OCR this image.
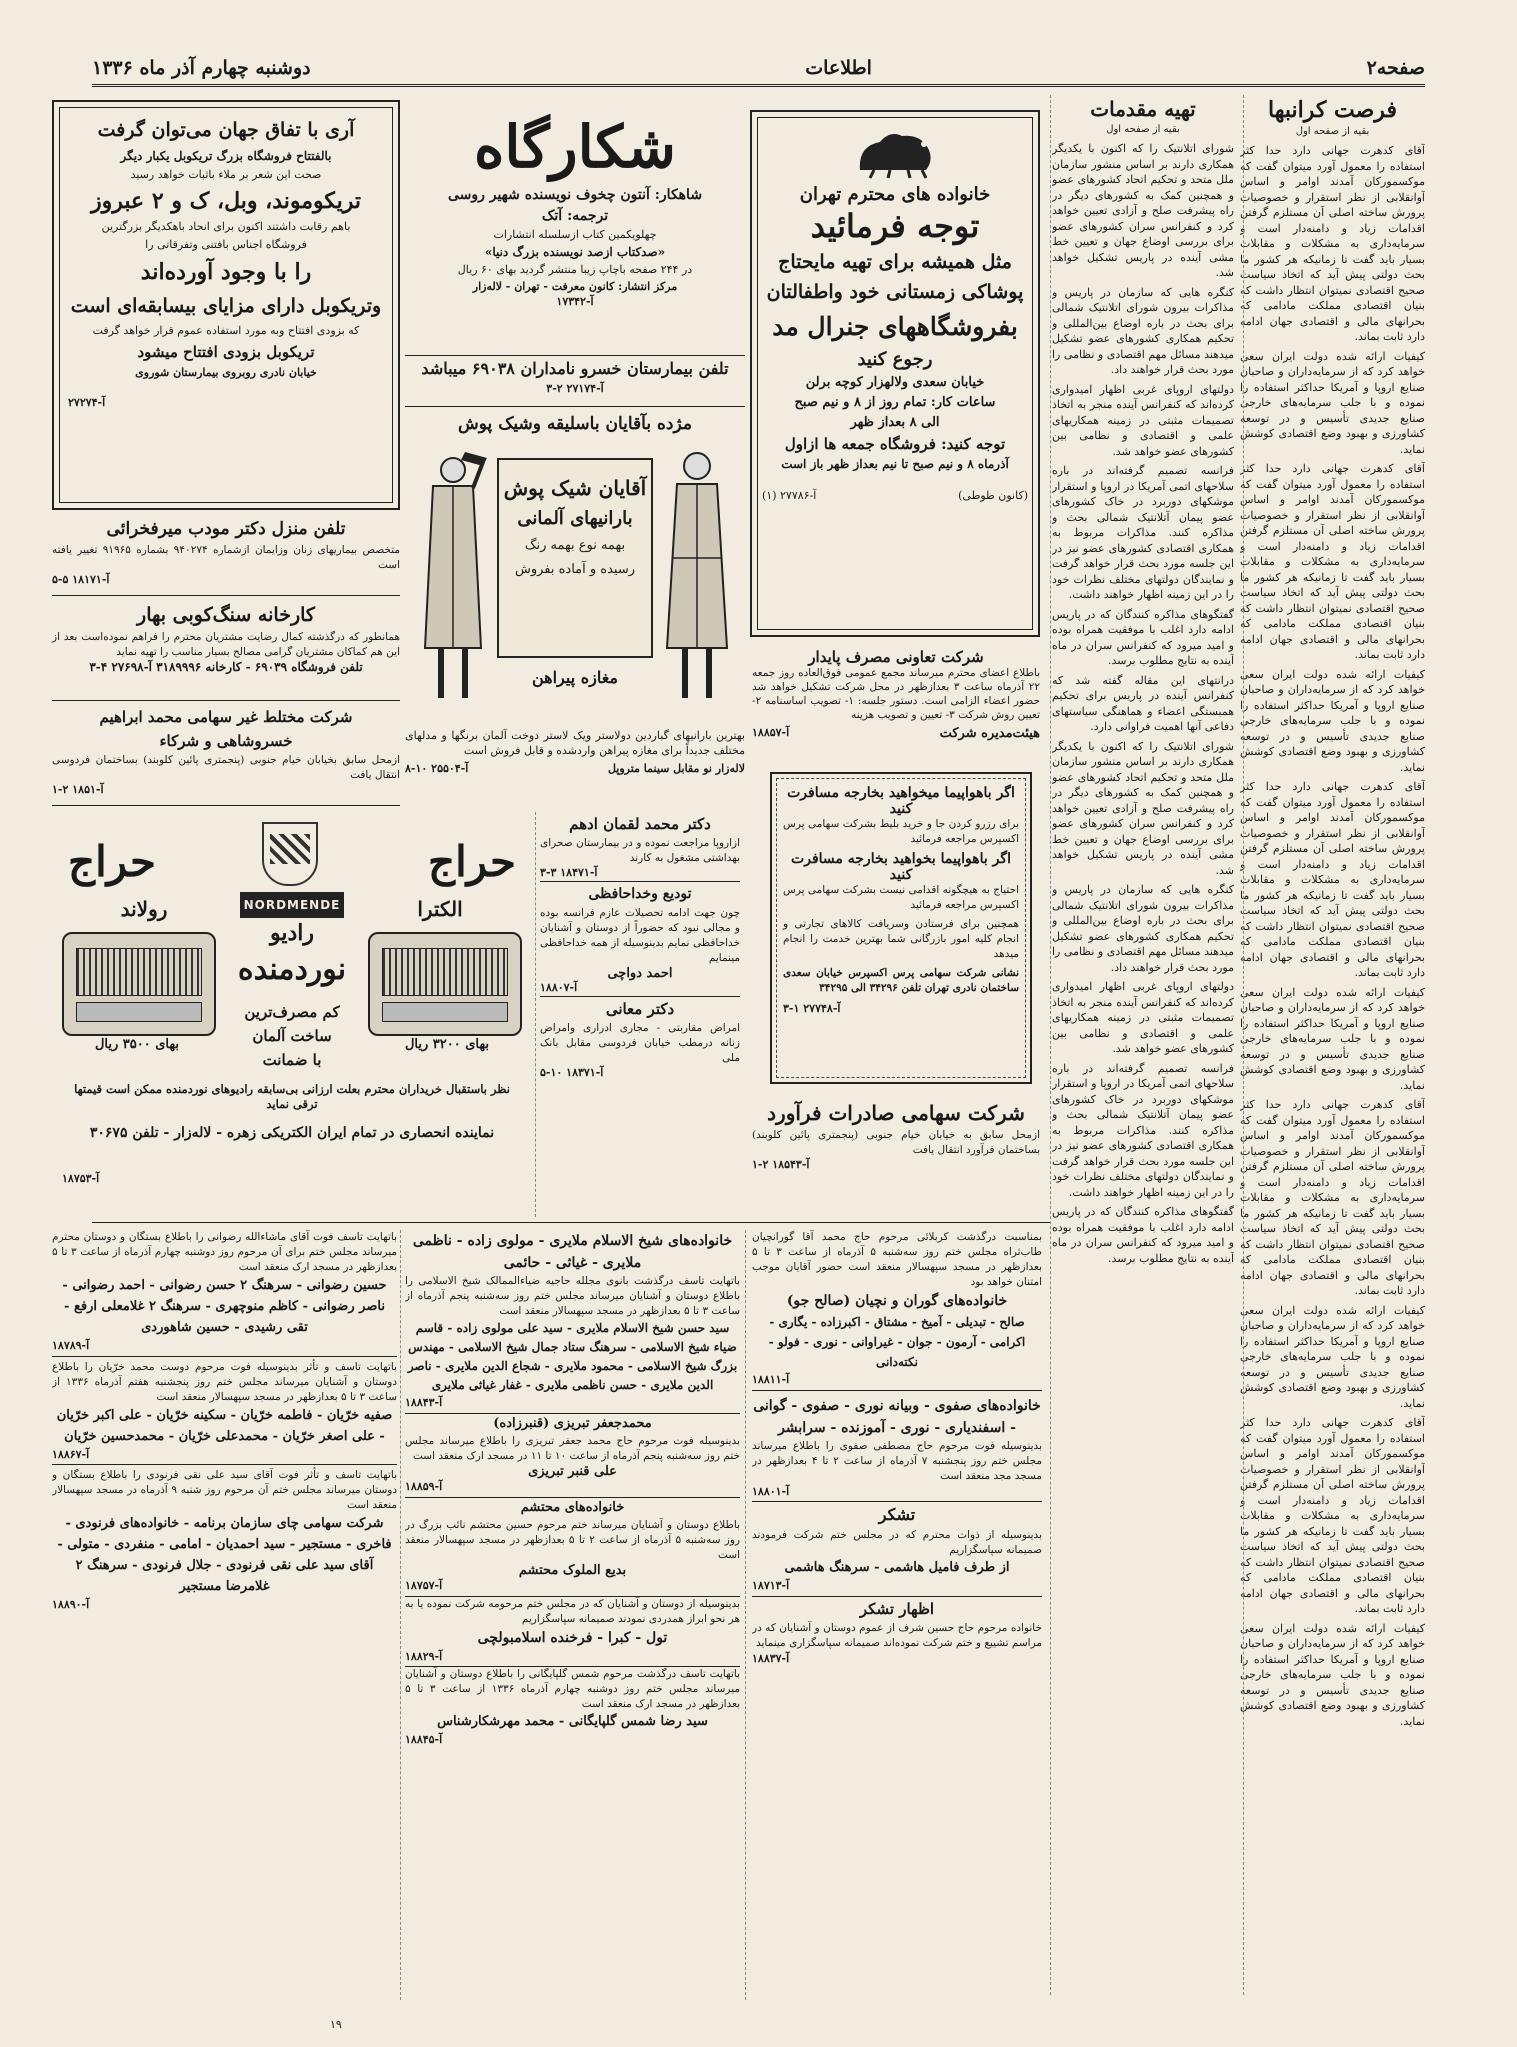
صفحه۲
اطلاعات
دوشنبه چهارم آذر ماه ۱۳۳۶
فرصت کرانبها
بقیه از صفحه اول

آقای کدهرت جهانی دارد حدا کثر استفاده را معمول آورد میتوان گفت که موکسمورکان آمدند اوامر و اساس آوانقلابی از نظر استقرار و خصوصیات پرورش ساخته اصلی آن مستلزم گرفتن اقدامات زیاد و دامنه‌دار است و سرمایه‌داری به مشکلات و مقابلات بسیار باید گفت تا زمانیکه هر کشور ما بحث دولتی پیش آید که اتخاذ سیاست صحیح اقتصادی نمیتوان انتظار داشت که بنیان اقتصادی مملکت مادامی که بحرانهای مالی و اقتصادی جهان ادامه دارد ثابت بماند.

کیفیات ارائه شده دولت ایران سعی خواهد کرد که از سرمایه‌داران و صاحبان صنایع اروپا و آمریکا حداکثر استفاده را نموده و با جلب سرمایه‌های خارجی صنایع جدیدی تأسیس و در توسعه کشاورزی و بهبود وضع اقتصادی کوشش نماید.

آقای کدهرت جهانی دارد حدا کثر استفاده را معمول آورد میتوان گفت که موکسمورکان آمدند اوامر و اساس آوانقلابی از نظر استقرار و خصوصیات پرورش ساخته اصلی آن مستلزم گرفتن اقدامات زیاد و دامنه‌دار است و سرمایه‌داری به مشکلات و مقابلات بسیار باید گفت تا زمانیکه هر کشور ما بحث دولتی پیش آید که اتخاذ سیاست صحیح اقتصادی نمیتوان انتظار داشت که بنیان اقتصادی مملکت مادامی که بحرانهای مالی و اقتصادی جهان ادامه دارد ثابت بماند.

کیفیات ارائه شده دولت ایران سعی خواهد کرد که از سرمایه‌داران و صاحبان صنایع اروپا و آمریکا حداکثر استفاده را نموده و با جلب سرمایه‌های خارجی صنایع جدیدی تأسیس و در توسعه کشاورزی و بهبود وضع اقتصادی کوشش نماید.

آقای کدهرت جهانی دارد حدا کثر استفاده را معمول آورد میتوان گفت که موکسمورکان آمدند اوامر و اساس آوانقلابی از نظر استقرار و خصوصیات پرورش ساخته اصلی آن مستلزم گرفتن اقدامات زیاد و دامنه‌دار است و سرمایه‌داری به مشکلات و مقابلات بسیار باید گفت تا زمانیکه هر کشور ما بحث دولتی پیش آید که اتخاذ سیاست صحیح اقتصادی نمیتوان انتظار داشت که بنیان اقتصادی مملکت مادامی که بحرانهای مالی و اقتصادی جهان ادامه دارد ثابت بماند.

کیفیات ارائه شده دولت ایران سعی خواهد کرد که از سرمایه‌داران و صاحبان صنایع اروپا و آمریکا حداکثر استفاده را نموده و با جلب سرمایه‌های خارجی صنایع جدیدی تأسیس و در توسعه کشاورزی و بهبود وضع اقتصادی کوشش نماید.

آقای کدهرت جهانی دارد حدا کثر استفاده را معمول آورد میتوان گفت که موکسمورکان آمدند اوامر و اساس آوانقلابی از نظر استقرار و خصوصیات پرورش ساخته اصلی آن مستلزم گرفتن اقدامات زیاد و دامنه‌دار است و سرمایه‌داری به مشکلات و مقابلات بسیار باید گفت تا زمانیکه هر کشور ما بحث دولتی پیش آید که اتخاذ سیاست صحیح اقتصادی نمیتوان انتظار داشت که بنیان اقتصادی مملکت مادامی که بحرانهای مالی و اقتصادی جهان ادامه دارد ثابت بماند.

کیفیات ارائه شده دولت ایران سعی خواهد کرد که از سرمایه‌داران و صاحبان صنایع اروپا و آمریکا حداکثر استفاده را نموده و با جلب سرمایه‌های خارجی صنایع جدیدی تأسیس و در توسعه کشاورزی و بهبود وضع اقتصادی کوشش نماید.

آقای کدهرت جهانی دارد حدا کثر استفاده را معمول آورد میتوان گفت که موکسمورکان آمدند اوامر و اساس آوانقلابی از نظر استقرار و خصوصیات پرورش ساخته اصلی آن مستلزم گرفتن اقدامات زیاد و دامنه‌دار است و سرمایه‌داری به مشکلات و مقابلات بسیار باید گفت تا زمانیکه هر کشور ما بحث دولتی پیش آید که اتخاذ سیاست صحیح اقتصادی نمیتوان انتظار داشت که بنیان اقتصادی مملکت مادامی که بحرانهای مالی و اقتصادی جهان ادامه دارد ثابت بماند.

کیفیات ارائه شده دولت ایران سعی خواهد کرد که از سرمایه‌داران و صاحبان صنایع اروپا و آمریکا حداکثر استفاده را نموده و با جلب سرمایه‌های خارجی صنایع جدیدی تأسیس و در توسعه کشاورزی و بهبود وضع اقتصادی کوشش نماید.

تهیه مقدمات
بقیه از صفحه اول

شورای اتلانتیک را که اکنون با یکدیگر همکاری دارند بر اساس منشور سازمان ملل متحد و تحکیم اتحاد کشورهای عضو و همچنین کمک به کشورهای دیگر در راه پیشرفت صلح و آزادی تعیین خواهد کرد و کنفرانس سران کشورهای عضو برای بررسی اوضاع جهان و تعیین خط مشی آینده در پاریس تشکیل خواهد شد.

کنگره هایی که سازمان در پاریس و مذاکرات بیرون شورای اتلانتیک شمالی برای بحث در باره اوضاع بین‌المللی و تحکیم همکاری کشورهای عضو تشکیل میدهند مسائل مهم اقتصادی و نظامی را مورد بحث قرار خواهند داد.

دولتهای اروپای غربی اظهار امیدواری کرده‌اند که کنفرانس آینده منجر به اتخاذ تصمیمات مثبتی در زمینه همکاریهای علمی و اقتصادی و نظامی بین کشورهای عضو خواهد شد.

فرانسه تصمیم گرفته‌اند در باره سلاحهای اتمی آمریکا در اروپا و استقرار موشکهای دوربرد در خاک کشورهای عضو پیمان آتلانتیک شمالی بحث و مذاکره کنند. مذاکرات مربوط به همکاری اقتصادی کشورهای عضو نیز در این جلسه مورد بحث قرار خواهد گرفت و نمایندگان دولتهای مختلف نظرات خود را در این زمینه اظهار خواهند داشت.

گفتگوهای مذاکره کنندگان که در پاریس ادامه دارد اغلب با موفقیت همراه بوده و امید میرود که کنفرانس سران در ماه آینده به نتایج مطلوب برسد.

درانتهای این مقاله گفته شد که کنفرانس آینده در پاریس برای تحکیم همبستگی اعضاء و هماهنگی سیاستهای دفاعی آنها اهمیت فراوانی دارد.

شورای اتلانتیک را که اکنون با یکدیگر همکاری دارند بر اساس منشور سازمان ملل متحد و تحکیم اتحاد کشورهای عضو و همچنین کمک به کشورهای دیگر در راه پیشرفت صلح و آزادی تعیین خواهد کرد و کنفرانس سران کشورهای عضو برای بررسی اوضاع جهان و تعیین خط مشی آینده در پاریس تشکیل خواهد شد.

کنگره هایی که سازمان در پاریس و مذاکرات بیرون شورای اتلانتیک شمالی برای بحث در باره اوضاع بین‌المللی و تحکیم همکاری کشورهای عضو تشکیل میدهند مسائل مهم اقتصادی و نظامی را مورد بحث قرار خواهند داد.

دولتهای اروپای غربی اظهار امیدواری کرده‌اند که کنفرانس آینده منجر به اتخاذ تصمیمات مثبتی در زمینه همکاریهای علمی و اقتصادی و نظامی بین کشورهای عضو خواهد شد.

فرانسه تصمیم گرفته‌اند در باره سلاحهای اتمی آمریکا در اروپا و استقرار موشکهای دوربرد در خاک کشورهای عضو پیمان آتلانتیک شمالی بحث و مذاکره کنند. مذاکرات مربوط به همکاری اقتصادی کشورهای عضو نیز در این جلسه مورد بحث قرار خواهد گرفت و نمایندگان دولتهای مختلف نظرات خود را در این زمینه اظهار خواهند داشت.

گفتگوهای مذاکره کنندگان که در پاریس ادامه دارد اغلب با موفقیت همراه بوده و امید میرود که کنفرانس سران در ماه آینده به نتایج مطلوب برسد.

خانواده های محترم تهران
توجه فرمائید
مثل همیشه برای تهیه مایحتاج
پوشاکی زمستانی خود واطفالتان
بفروشگاههای جنرال مد
رجوع کنید
خیابان سعدی ولالهزار کوچه برلن
ساعات کار: تمام روز از ۸ و نیم صبح
الی ۸ بعداز ظهر
توجه کنید: فروشگاه جمعه ها ازاول
آذرماه ۸ و نیم صبح تا نیم بعداز ظهر باز است
(کانون طوطی)
آ-۲۷۷۸۶ (۱)
شرکت تعاونی مصرف پایدار
باطلاع اعضای محترم میرساند مجمع عمومی فوق‌العاده روز جمعه ۲۲ آذرماه ساعت ۳ بعدازظهر در محل شرکت تشکیل خواهد شد حضور اعضاء الزامی است. دستور جلسه: ۱- تصویب اساسنامه ۲- تعیین روش شرکت ۳- تعیین و تصویب هزینه
هیئت‌مدیره شرکت
آ-۱۸۸۵۷
اگر باهواپیما میخواهید بخارجه مسافرت کنید
برای رزرو کردن جا و خرید بلیط بشرکت سهامی پرس اکسپرس مراجعه فرمائید
اگر باهواپیما بخواهید بخارجه مسافرت کنید
احتیاج به هیچگونه اقدامی نیست بشرکت سهامی پرس اکسپرس مراجعه فرمائید
همچنین برای فرستادن وسریافت کالاهای تجارتی و انجام کلیه امور بازرگانی شما بهترین خدمت را انجام میدهد
نشانی شرکت سهامی پرس اکسپرس خیابان سعدی ساختمان نادری تهران تلفن ۳۴۲۹۶ الی ۳۴۲۹۵
آ-۲۷۷۴۸ ۱-۳
شرکت سهامی صادرات فرآورد
ازمحل سابق به خیابان خیام جنوبی (پنجمتری پائین کلوبند) بساختمان فرآورد انتقال یافت
آ-۱۸۵۴۳ ۲-۱
شکارگاه
شاهکار: آنتون چخوف نویسنده شهیر روسی
ترجمه: آتک
چهلویکمین کتاب ازسلسله انتشارات
«صدکتاب ازصد نویسنده بزرگ دنیا»
در ۲۴۴ صفحه باچاپ زیبا منتشر گردید بهای ۶۰ ریال
مرکز انتشار: کانون معرفت - تهران - لاله‌زار
آ-۱۷۳۴۲
تلفن بیمارستان خسرو نامداران ۶۹۰۳۸ میباشد
آ-۲۷۱۷۴ ۲-۳
مژده بآقایان باسلیقه وشیک پوش
آقایان شیک پوش
بارانیهای آلمانی
بهمه نوع بهمه رنگ
رسیده و آماده بفروش
مغازه پیراهن
بهترین بارانیهای گباردین دولاستر ویک لاستر دوخت آلمان برنگها و مدلهای مختلف جدیداً برای مغازه پیراهن واردشده و قابل فروش است
لاله‌زار نو مقابل سینما متروپل
آ-۲۵۵۰۴ ۱۰-۸
آری با تفاق جهان می‌توان گرفت
بالفتتاح فروشگاه بزرگ تریکوبل یکبار دیگر
صحت این شعر بر ملاء باثبات خواهد رسید
تریکوموند، وبل، ک و ۲ عبروز
باهم رقابت داشتند اکنون برای انحاد باهکدیگر بزرگترین
فروشگاه اجناس بافتنی وتفرقاتی را
را با وجود آورده‌اند
وتریکوبل دارای مزایای بیسابقه‌ای است
که بزودی افتتاح وبه مورد استفاده عموم قرار خواهد گرفت
تریکوبل بزودی افتتاح میشود
خیابان نادری روبروی بیمارستان شوروی
آ-۲۷۲۷۴
تلفن منزل دکتر مودب میرفخرائی
متخصص بیماریهای زنان وزایمان ازشماره ۹۴۰۲۷۴ بشماره ۹۱۹۶۵ تغییر یافته است
آ-۱۸۱۷۱ ۵-۵
کارخانه سنگ‌کوبی بهار
همانطور که درگذشته کمال رضایت مشتریان محترم را فراهم نموده‌است بعد از این هم کماکان مشتریان گرامی مصالح بسیار مناسب را تهیه نماید
تلفن فروشگاه ۶۹۰۳۹ - کارخانه ۳۱۸۹۹۹۶ آ-۲۷۶۹۸ ۴-۳
شرکت مختلط غیر سهامی محمد ابراهیم
خسروشاهی و شرکاء
ازمحل سابق بخیابان خیام جنوبی (پنجمتری پائین کلوبند) بساختمان فردوسی انتقال یافت
آ-۱۸۵۱ ۲-۱
حراج
حراج
NORDMENDE
رادیو
نوردمنده
کم مصرف‌ترین
ساخت آلمان
با ضمانت
رولاند
بهای ۳۵۰۰ ریال
الکترا
بهای ۳۲۰۰ ریال
نظر باستقبال خریداران محترم بعلت ارزانی بی‌سابقه رادیوهای نوردمنده ممکن است قیمتها ترقی نماید
نماینده انحصاری در تمام ایران الکتریکی زهره - لاله‌زار - تلفن ۳۰۶۷۵
آ-۱۸۷۵۳
دکتر محمد لقمان ادهم
ازاروپا مراجعت نموده و در بیمارستان صحرای بهداشتی مشغول به کارند
آ-۱۸۴۷۱ ۳-۳
تودیع وخداحافظی
چون جهت ادامه تحصیلات عازم فرانسه بوده و مجالی نبود که حضوراً از دوستان و آشنایان خداحافظی نمایم بدینوسیله از همه خداحافظی مینمایم
احمد دواچی
آ-۱۸۸۰۷
دکتر معانی
امراض مقاربتی - مجاری ادراری وامراض زنانه درمطب خیابان فردوسی مقابل بانک ملی
آ-۱۸۳۷۱ ۱۰-۵
بمناسبت درگذشت کربلائی مرحوم حاج محمد آقا گورانچیان طاب‌ثراه مجلس ختم روز سه‌شنبه ۵ آذرماه از ساعت ۳ تا ۵ بعدازظهر در مسجد سپهسالار منعقد است حضور آقایان موجب امتنان خواهد بود
خانواده‌های گوران و نچیان (صالح جو)
صالح - تبدیلی - آمیخ - مشتاق - اکبرزاده - یگاری - اکرامی - آرمون - جوان - غیراوانی - نوری - فولو - نکته‌دانی
آ-۱۸۸۱۱
خانواده‌های صفوی - وبیانه نوری - صفوی - گوانی - اسفندیاری - نوری - آموزنده - سرابشر
بدینوسیله فوت مرحوم حاج مصطفی صفوی را باطلاع میرساند مجلس ختم روز پنجشنبه ۷ آذرماه از ساعت ۲ تا ۴ بعدازظهر در مسجد مجد منعقد است
آ-۱۸۸۰۱
تشکر
بدینوسیله از ذوات محترم که در مجلس ختم شرکت فرمودند صمیمانه سپاسگزاریم
از طرف فامیل هاشمی - سرهنگ هاشمی
آ-۱۸۷۱۳
اظهار تشکر
خانواده مرحوم حاج حسین شرف از عموم دوستان و آشنایان که در مراسم تشییع و ختم شرکت نموده‌اند صمیمانه سپاسگزاری مینماید
آ-۱۸۸۳۷
خانواده‌های شیخ الاسلام ملایری - مولوی زاده - ناظمی ملایری - غیاثی - حائمی
باتهایت تاسف درگذشت بانوی مجلله حاجیه ضیاءالممالک شیخ الاسلامی را باطلاع دوستان و آشنایان میرساند مجلس ختم روز سه‌شنبه پنجم آذرماه از ساعت ۳ تا ۵ بعدازظهر در مسجد سپهسالار منعقد است
سید حسن شیخ الاسلام ملایری - سید علی مولوی زاده - قاسم ضیاء شیخ الاسلامی - سرهنگ ستاد جمال شیخ الاسلامی - مهندس بزرگ شیخ الاسلامی - محمود ملایری - شجاع الدین ملایری - ناصر الدین ملایری - حسن ناظمی ملایری - غفار غیاثی ملایری
آ-۱۸۸۴۳
محمدجعفر تبریزی (قنبرزاده)
بدینوسیله فوت مرحوم حاج محمد جعفر تبریزی را باطلاع میرساند مجلس ختم روز سه‌شنبه پنجم آذرماه از ساعت ۱۰ تا ۱۱ در مسجد ارک منعقد است
علی قنبر تبریزی
آ-۱۸۸۵۹
خانواده‌های محتشم
باطلاع دوستان و آشنایان میرساند ختم مرحوم حسین محتشم نائب بزرگ در روز سه‌شنبه ۵ آذرماه از ساعت ۲ تا ۵ بعدازظهر در مسجد سپهسالار منعقد است
بدیع الملوک محتشم
آ-۱۸۷۵۷
بدینوسیله از دوستان و آشنایان که در مجلس ختم مرحومه شرکت نموده یا به هر نحو ابراز همدردی نمودند صمیمانه سپاسگزاریم
تول - کبرا - فرخنده اسلامبولچی
آ-۱۸۸۲۹
باتهایت تاسف درگذشت مرحوم شمس گلپایگانی را باطلاع دوستان و آشنایان میرساند مجلس ختم روز دوشنبه چهارم آذرماه ۱۳۳۶ از ساعت ۳ تا ۵ بعدازظهر در مسجد ارک منعقد است
سید رضا شمس گلپایگانی - محمد مهرشکارشناس
آ-۱۸۸۴۵
باتهایت تاسف فوت آقای ماشاءالله رضوانی را باطلاع بستگان و دوستان محترم میرساند مجلس ختم برای آن مرحوم روز دوشنبه چهارم آذرماه از ساعت ۳ تا ۵ بعدازظهر در مسجد ارک منعقد است
حسین رضوانی - سرهنگ ۲ حسن رضوانی - احمد رضوانی - ناصر رضوانی - کاظم منوچهری - سرهنگ ۲ غلامعلی ارفع - تقی رشیدی - حسین شاهوردی
آ-۱۸۷۸۹
باتهایت تاسف و تأثر بدینوسیله فوت مرحوم دوست محمد خرّیان را باطلاع دوستان و آشنایان میرساند مجلس ختم روز پنجشنبه هفتم آذرماه ۱۳۳۶ از ساعت ۳ تا ۵ بعدازظهر در مسجد سپهسالار منعقد است
صفیه خرّیان - فاطمه خرّیان - سکینه خرّیان - علی اکبر خرّیان - علی اصغر خرّیان - محمدعلی خرّیان - محمدحسین خرّیان
آ-۱۸۸۶۷
باتهایت تاسف و تأثر فوت آقای سید علی نقی فرنودی را باطلاع بستگان و دوستان میرساند مجلس ختم آن مرحوم روز شنبه ۹ آذرماه در مسجد سپهسالار منعقد است
شرکت سهامی چای سازمان برنامه - خانواده‌های فرنودی - فاخری - مستجیر - سید احمدیان - امامی - منفردی - متولی - آقای سید علی نقی فرنودی - جلال فرنودی - سرهنگ ۲ غلامرضا مستجیر
آ-۱۸۸۹۰
۱۹
